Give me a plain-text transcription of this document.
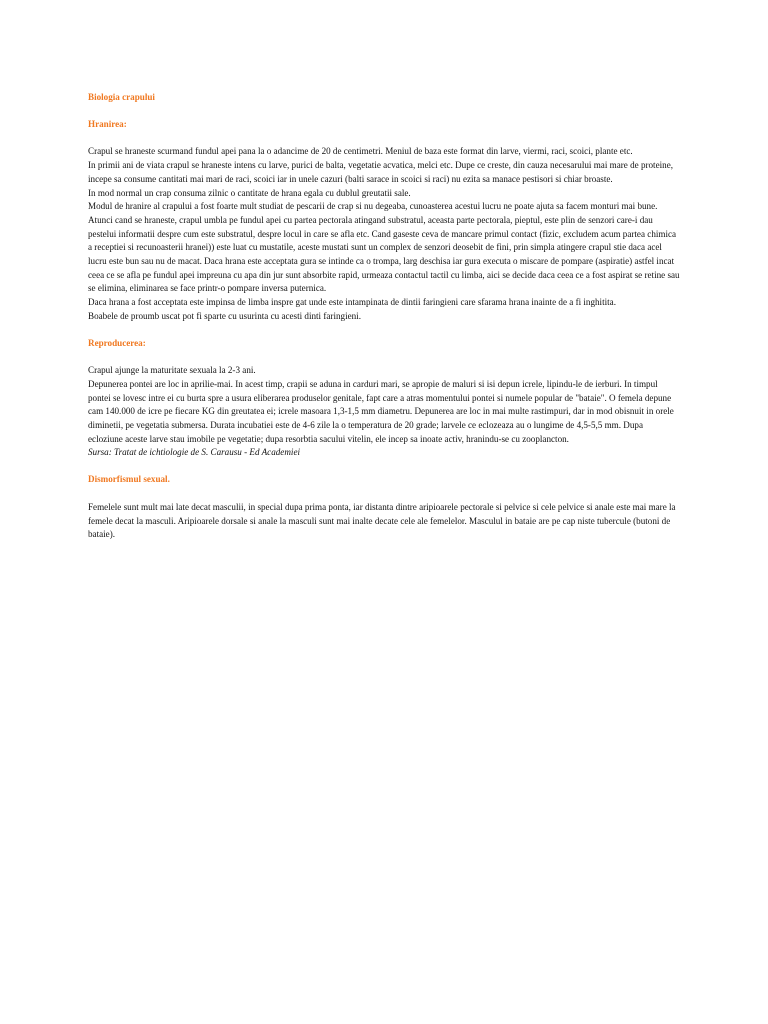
Biologia crapului

Hranirea:

Crapul se hraneste scurmand fundul apei pana la o adancime de 20 de centimetri. Meniul de baza este format din larve, viermi, raci, scoici, plante etc.

In primii ani de viata crapul se hraneste intens cu larve, purici de balta, vegetatie acvatica, melci etc. Dupe ce creste, din cauza necesarului mai mare de proteine, incepe sa consume cantitati mai mari de raci, scoici iar in unele cazuri (balti sarace in scoici si raci) nu ezita sa manace pestisori si chiar broaste.

In mod normal un crap consuma zilnic o cantitate de hrana egala cu dublul greutatii sale.

Modul de hranire al crapului a fost foarte mult studiat de pescarii de crap si nu degeaba, cunoasterea acestui lucru ne poate ajuta sa facem monturi mai bune.

Atunci cand se hraneste, crapul umbla pe fundul apei cu partea pectorala atingand substratul, aceasta parte pectorala, pieptul, este plin de senzori care-i dau pestelui informatii despre cum este substratul, despre locul in care se afla etc. Cand gaseste ceva de mancare primul contact (fizic, excludem acum partea chimica a receptiei si recunoasterii hranei)) este luat cu mustatile, aceste mustati sunt un complex de senzori deosebit de fini, prin simpla atingere crapul stie daca acel lucru este bun sau nu de macat. Daca hrana este acceptata gura se intinde ca o trompa, larg deschisa iar gura executa o miscare de pompare (aspiratie) astfel incat ceea ce se afla pe fundul apei impreuna cu apa din jur sunt absorbite rapid, urmeaza contactul tactil cu limba, aici se decide daca ceea ce a fost aspirat se retine sau se elimina, eliminarea se face printr-o pompare inversa puternica.

Daca hrana a fost acceptata este impinsa de limba inspre gat unde este intampinata de dintii faringieni care sfarama hrana inainte de a fi inghitita.

Boabele de proumb uscat pot fi sparte cu usurinta cu acesti dinti faringieni.

Reproducerea:

Crapul ajunge la maturitate sexuala la 2-3 ani.

Depunerea pontei are loc in aprilie-mai. In acest timp, crapii se aduna in carduri mari, se apropie de maluri si isi depun icrele, lipindu-le de ierburi. In timpul pontei se lovesc intre ei cu burta spre a usura eliberarea produselor genitale, fapt care a atras momentului pontei si numele popular de "bataie". O femela depune cam 140.000 de icre pe fiecare KG din greutatea ei; icrele masoara 1,3-1,5 mm diametru. Depunerea are loc in mai multe rastimpuri, dar in mod obisnuit in orele diminetii, pe vegetatia submersa. Durata incubatiei este de 4-6 zile la o temperatura de 20 grade; larvele ce eclozeaza au o lungime de 4,5-5,5 mm. Dupa ecloziune aceste larve stau imobile pe vegetatie; dupa resorbtia sacului vitelin, ele incep sa inoate activ, hranindu-se cu zooplancton.

Sursa: Tratat de ichtiologie de S. Carausu - Ed Academiei

Dismorfismul sexual.

Femelele sunt mult mai late decat masculii, in special dupa prima ponta, iar distanta dintre aripioarele pectorale si pelvice si cele pelvice si anale este mai mare la femele decat la masculi. Aripioarele dorsale si anale la masculi sunt mai inalte decate cele ale femelelor. Masculul in bataie are pe cap niste tubercule (butoni de bataie).
